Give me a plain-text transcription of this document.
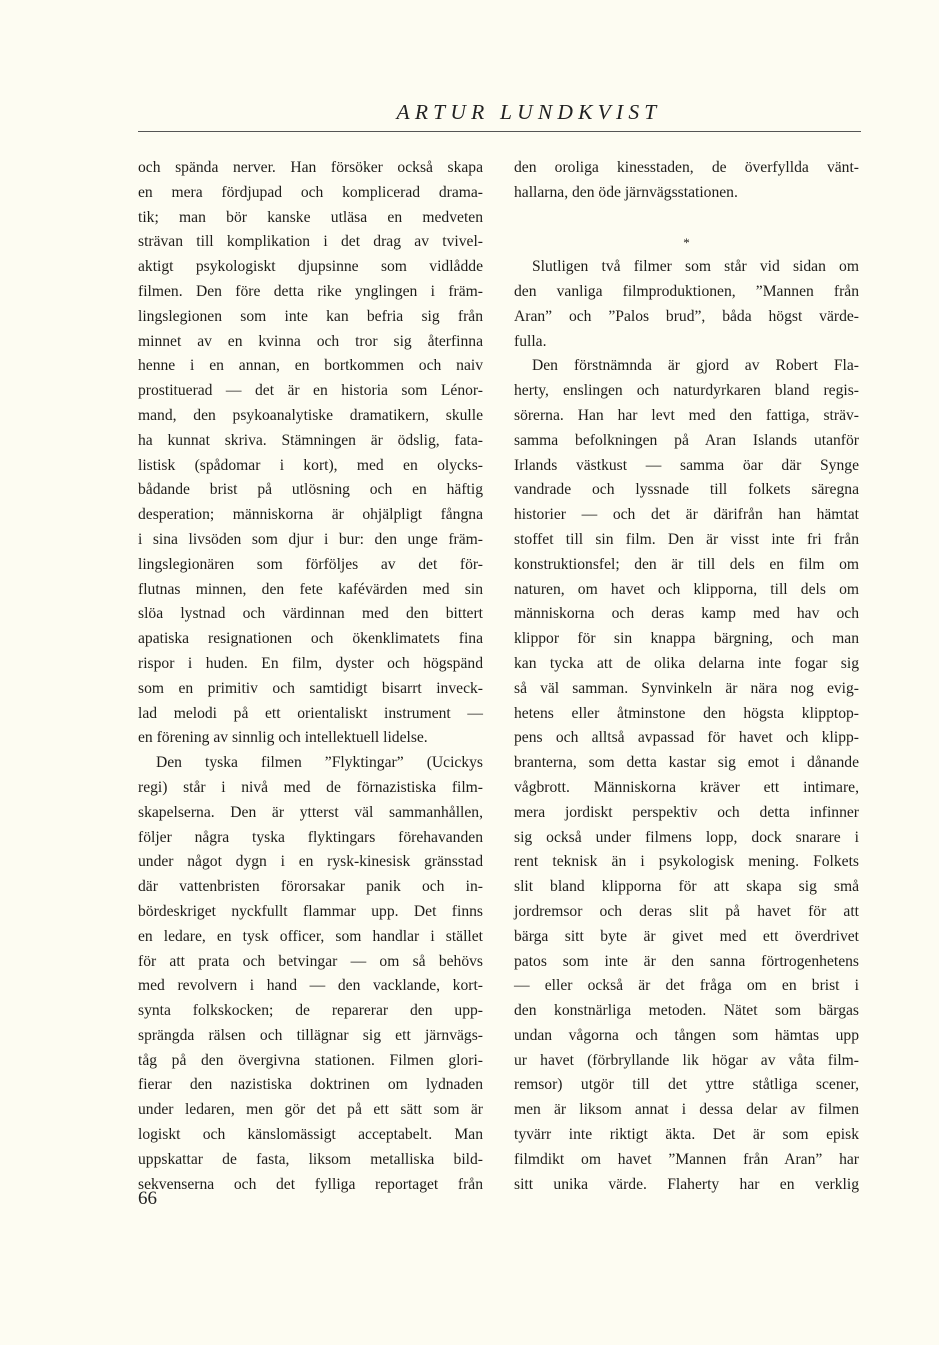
ARTUR LUNDKVIST
och spända nerver. Han försöker också skapa
en mera fördjupad och komplicerad drama-
tik; man bör kanske utläsa en medveten
strävan till komplikation i det drag av tvivel-
aktigt psykologiskt djupsinne som vidlådde
filmen. Den före detta rike ynglingen i främ-
lingslegionen som inte kan befria sig från
minnet av en kvinna och tror sig återfinna
henne i en annan, en bortkommen och naiv
prostituerad — det är en historia som Lénor-
mand, den psykoanalytiske dramatikern, skulle
ha kunnat skriva. Stämningen är ödslig, fata-
listisk (spådomar i kort), med en olycks-
bådande brist på utlösning och en häftig
desperation; människorna är ohjälpligt fångna
i sina livsöden som djur i bur: den unge främ-
lingslegionären som förföljes av det för-
flutnas minnen, den fete kafévärden med sin
slöa lystnad och värdinnan med den bittert
apatiska resignationen och ökenklimatets fina
rispor i huden. En film, dyster och högspänd
som en primitiv och samtidigt bisarrt inveck-
lad melodi på ett orientaliskt instrument —
en förening av sinnlig och intellektuell lidelse.
Den tyska filmen ”Flyktingar” (Ucickys
regi) står i nivå med de förnazistiska film-
skapelserna. Den är ytterst väl sammanhållen,
följer några tyska flyktingars förehavanden
under något dygn i en rysk-kinesisk gränsstad
där vattenbristen förorsakar panik och in-
bördeskriget nyckfullt flammar upp. Det finns
en ledare, en tysk officer, som handlar i stället
för att prata och betvingar — om så behövs
med revolvern i hand — den vacklande, kort-
synta folkskocken; de reparerar den upp-
sprängda rälsen och tillägnar sig ett järnvägs-
tåg på den övergivna stationen. Filmen glori-
fierar den nazistiska doktrinen om lydnaden
under ledaren, men gör det på ett sätt som är
logiskt och känslomässigt acceptabelt. Man
uppskattar de fasta, liksom metalliska bild-
sekvenserna och det fylliga reportaget från
den oroliga kinesstaden, de överfyllda vänt-
hallarna, den öde järnvägsstationen.
*
Slutligen två filmer som står vid sidan om
den vanliga filmproduktionen, ”Mannen från
Aran” och ”Palos brud”, båda högst värde-
fulla.
Den förstnämnda är gjord av Robert Fla-
herty, enslingen och naturdyrkaren bland regis-
sörerna. Han har levt med den fattiga, sträv-
samma befolkningen på Aran Islands utanför
Irlands västkust — samma öar där Synge
vandrade och lyssnade till folkets säregna
historier — och det är därifrån han hämtat
stoffet till sin film. Den är visst inte fri från
konstruktionsfel; den är till dels en film om
naturen, om havet och klipporna, till dels om
människorna och deras kamp med hav och
klippor för sin knappa bärgning, och man
kan tycka att de olika delarna inte fogar sig
så väl samman. Synvinkeln är nära nog evig-
hetens eller åtminstone den högsta klipptop-
pens och alltså avpassad för havet och klipp-
branterna, som detta kastar sig emot i dånande
vågbrott. Människorna kräver ett intimare,
mera jordiskt perspektiv och detta infinner
sig också under filmens lopp, dock snarare i
rent teknisk än i psykologisk mening. Folkets
slit bland klipporna för att skapa sig små
jordremsor och deras slit på havet för att
bärga sitt byte är givet med ett överdrivet
patos som inte är den sanna förtrogenhetens
— eller också är det fråga om en brist i
den konstnärliga metoden. Nätet som bärgas
undan vågorna och tången som hämtas upp
ur havet (förbryllande lik högar av våta film-
remsor) utgör till det yttre ståtliga scener,
men är liksom annat i dessa delar av filmen
tyvärr inte riktigt äkta. Det är som episk
filmdikt om havet ”Mannen från Aran” har
sitt unika värde. Flaherty har en verklig
66
